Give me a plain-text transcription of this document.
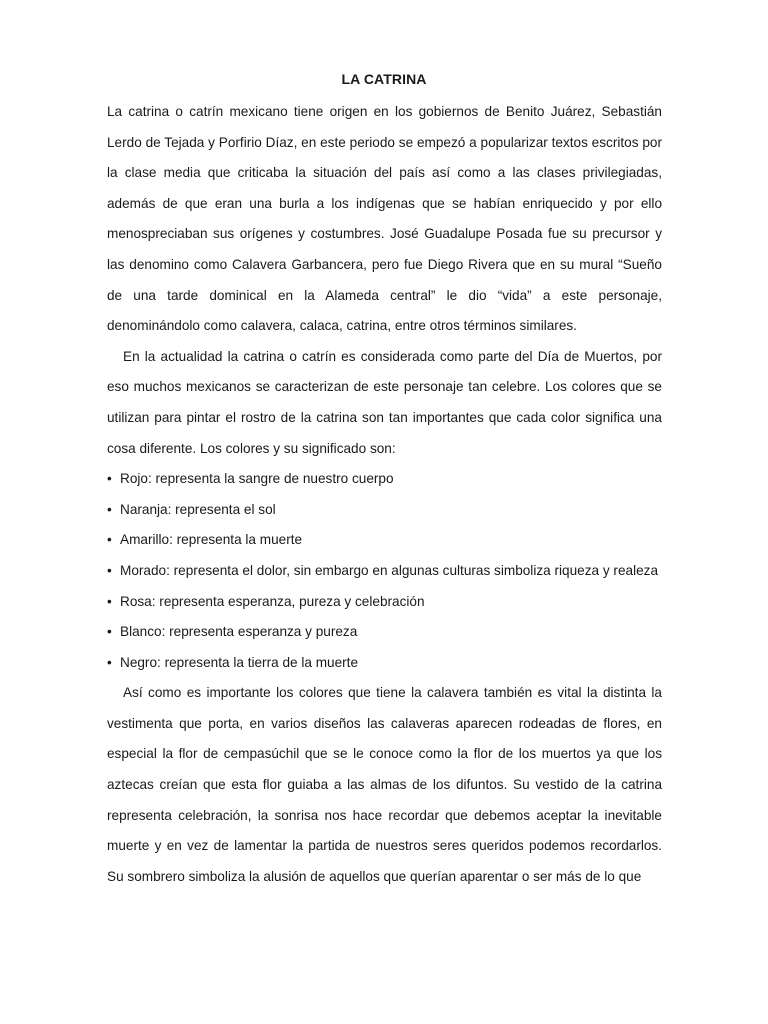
LA CATRINA

La catrina o catrín mexicano tiene origen en los gobiernos de Benito Juárez, Sebastián Lerdo de Tejada y Porfirio Díaz, en este periodo se empezó a popularizar textos escritos por la clase media que criticaba la situación del país así como a las clases privilegiadas, además de que eran una burla a los indígenas que se habían enriquecido y por ello menospreciaban sus orígenes y costumbres. José Guadalupe Posada fue su precursor y las denomino como Calavera Garbancera, pero fue Diego Rivera que en su mural “Sueño de una tarde dominical en la Alameda central” le dio “vida” a este personaje, denominándolo como calavera, calaca, catrina, entre otros términos similares.

En la actualidad la catrina o catrín es considerada como parte del Día de Muertos, por eso muchos mexicanos se caracterizan de este personaje tan celebre. Los colores que se utilizan para pintar el rostro de la catrina son tan importantes que cada color significa una cosa diferente. Los colores y su significado son:

• Rojo: representa la sangre de nuestro cuerpo
• Naranja: representa el sol
• Amarillo: representa la muerte
• Morado: representa el dolor, sin embargo en algunas culturas simboliza riqueza y realeza
• Rosa: representa esperanza, pureza y celebración
• Blanco: representa esperanza y pureza
• Negro: representa la tierra de la muerte

Así como es importante los colores que tiene la calavera también es vital la distinta la vestimenta que porta, en varios diseños las calaveras aparecen rodeadas de flores, en especial la flor de cempasúchil que se le conoce como la flor de los muertos ya que los aztecas creían que esta flor guiaba a las almas de los difuntos. Su vestido de la catrina representa celebración, la sonrisa nos hace recordar que debemos aceptar la inevitable muerte y en vez de lamentar la partida de nuestros seres queridos podemos recordarlos. Su sombrero simboliza la alusión de aquellos que querían aparentar o ser más de lo que
